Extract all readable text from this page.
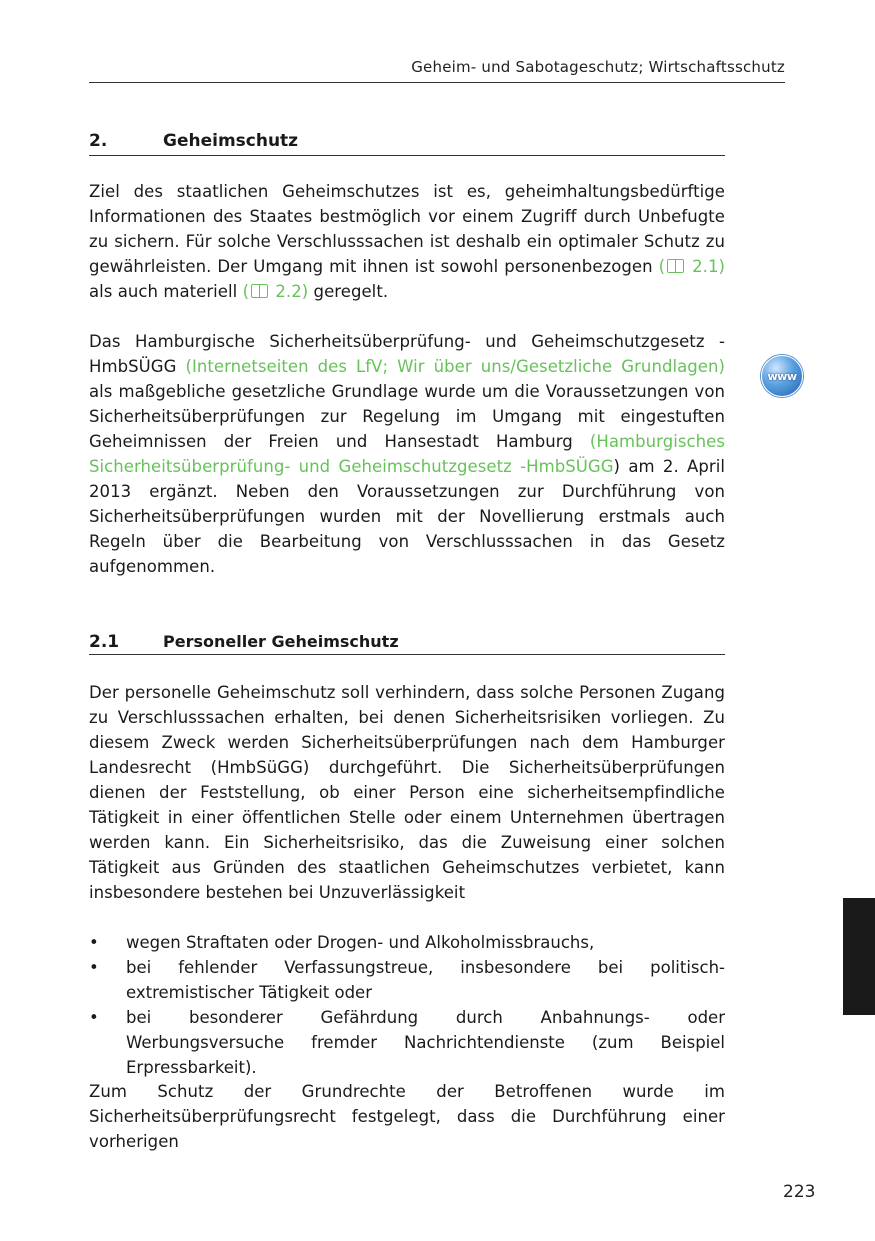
Geheim- und Sabotageschutz; Wirtschaftsschutz
2.	Geheimschutz

Ziel des staatlichen Geheimschutzes ist es, geheimhaltungsbedürftige Informationen des Staates bestmöglich vor einem Zugriff durch Unbefugte zu sichern. Für solche Verschlusssachen ist deshalb ein optimaler Schutz zu gewährleisten. Der Umgang mit ihnen ist sowohl personenbezogen ( 2.1) als auch materiell ( 2.2) geregelt.

Das Hamburgische Sicherheitsüberprüfung- und Geheimschutzgesetz -HmbSÜGG (Internetseiten des LfV; Wir über uns/Gesetzliche Grundlagen) als maßgebliche gesetzliche Grundlage wurde um die Voraussetzungen von Sicherheitsüberprüfungen zur Regelung im Umgang mit eingestuften Geheimnissen der Freien und Hansestadt Hamburg (Hamburgisches Sicherheitsüberprüfung- und Geheimschutzgesetz -HmbSÜGG) am 2. April 2013 ergänzt. Neben den Voraussetzungen zur Durchführung von Sicherheitsüberprüfungen wurden mit der Novellierung erstmals auch Regeln über die Bearbeitung von Verschlusssachen in das Gesetz aufgenommen.

www
2.1	Personeller Geheimschutz

Der personelle Geheimschutz soll verhindern, dass solche Personen Zugang zu Verschlusssachen erhalten, bei denen Sicherheitsrisiken vorliegen. Zu diesem Zweck werden Sicherheitsüberprüfungen nach dem Hamburger Landesrecht (HmbSüGG) durchgeführt. Die Sicherheitsüberprüfungen dienen der Feststellung, ob einer Person eine sicherheitsempfindliche Tätigkeit in einer öffentlichen Stelle oder einem Unternehmen übertragen werden kann. Ein Sicherheitsrisiko, das die Zuweisung einer solchen Tätigkeit aus Gründen des staatlichen Geheimschutzes verbietet, kann insbesondere bestehen bei Unzuverlässigkeit

• wegen Straftaten oder Drogen- und Alkoholmissbrauchs,
• bei fehlender Verfassungstreue, insbesondere bei politisch-extremistischer Tätigkeit oder
• bei besonderer Gefährdung durch Anbahnungs- oder Werbungsversuche fremder Nachrichtendienste (zum Beispiel Erpressbarkeit).

Zum Schutz der Grundrechte der Betroffenen wurde im Sicherheitsüberprüfungsrecht festgelegt, dass die Durchführung einer vorherigen

223
